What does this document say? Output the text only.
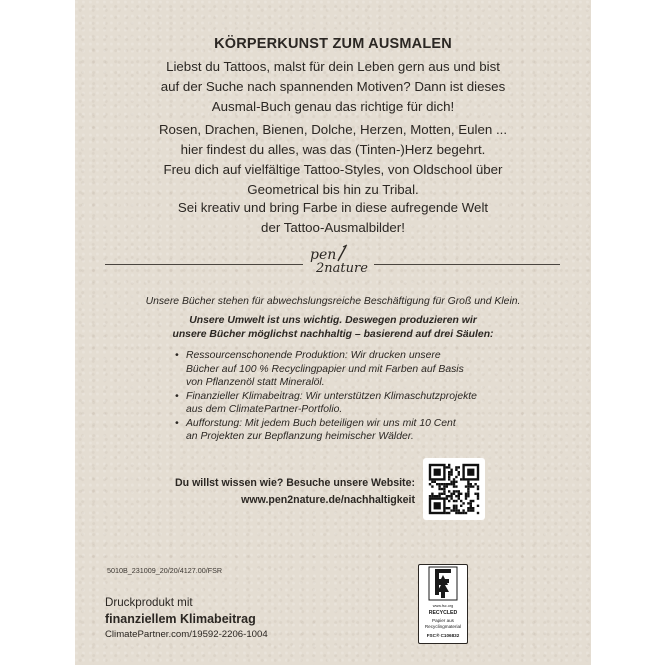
KÖRPERKUNST ZUM AUSMALEN
Liebst du Tattoos, malst für dein Leben gern aus und bist
auf der Suche nach spannenden Motiven? Dann ist dieses
Ausmal-Buch genau das richtige für dich!
Rosen, Drachen, Bienen, Dolche, Herzen, Motten, Eulen ...
hier findest du alles, was das (Tinten-)Herz begehrt.
Freu dich auf vielfältige Tattoo-Styles, von Oldschool über
Geometrical bis hin zu Tribal.
Sei kreativ und bring Farbe in diese aufregende Welt
der Tattoo-Ausmalbilder!
pen
2nature
Unsere Bücher stehen für abwechslungsreiche Beschäftigung für Groß und Klein.
Unsere Umwelt ist uns wichtig. Deswegen produzieren wir
unsere Bücher möglichst nachhaltig – basierend auf drei Säulen:
• Ressourcenschonende Produktion: Wir drucken unsere
Bücher auf 100 % Recyclingpapier und mit Farben auf Basis
von Pflanzenöl statt Mineralöl.
• Finanzieller Klimabeitrag: Wir unterstützen Klimaschutzprojekte
aus dem ClimatePartner-Portfolio.
• Aufforstung: Mit jedem Buch beteiligen wir uns mit 10 Cent
an Projekten zur Bepflanzung heimischer Wälder.
Du willst wissen wie? Besuche unsere Website:
www.pen2nature.de/nachhaltigkeit
5010B_231009_20/20/4127.00/FSR
Druckprodukt mit
finanziellem Klimabeitrag
ClimatePartner.com/19592-2206-1004
www.fsc.org
RECYCLED
Papier aus
Recyclingmaterial
FSC® C106832
